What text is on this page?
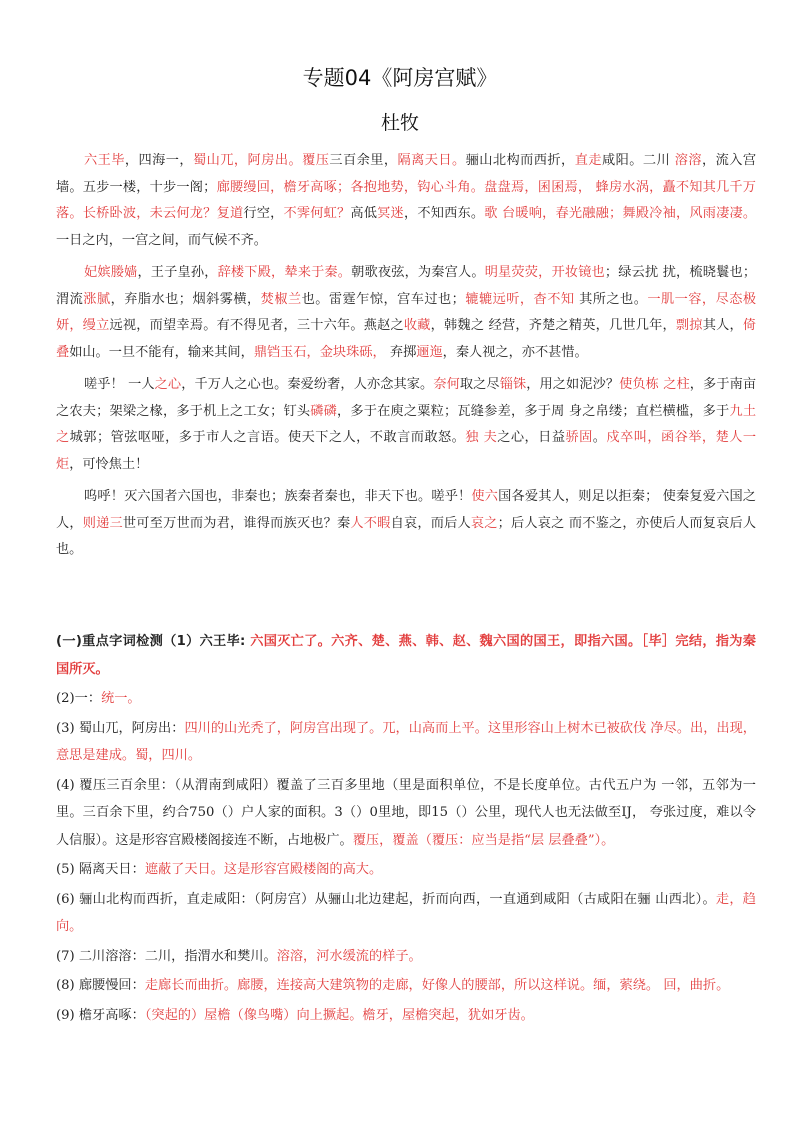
专题04《阿房宫赋》
杜牧

六王毕，四海一，蜀山兀，阿房出。覆压三百余里，隔离天日。骊山北构而西折，直走咸阳。二川 溶溶，流入宫墙。五步一楼，十步一阁；廊腰缦回，檐牙高啄；各抱地势，钩心斗角。盘盘焉，囷囷焉， 蜂房水涡，矗不知其几千万落。长桥卧波，未云何龙？复道行空，不霁何虹？高低冥迷，不知西东。歌 台暖响，春光融融；舞殿冷袖，风雨凄凄。一日之内，一宫之间，而气候不齐。

妃嫔媵嫱，王子皇孙，辞楼下殿，辇来于秦。朝歌夜弦，为秦宫人。明星荧荧，开妆镜也；绿云扰 扰，梳晓鬟也；渭流涨腻，弃脂水也；烟斜雾横，焚椒兰也。雷霆乍惊，宫车过也；辘辘远听，杳不知 其所之也。一肌一容，尽态极妍，缦立远视，而望幸焉。有不得见者，三十六年。燕赵之收藏，韩魏之 经营，齐楚之精英，几世几年，剽掠其人，倚叠如山。一旦不能有，输来其间，鼎铛玉石，金块珠砾， 弃掷逦迤，秦人视之，亦不甚惜。

嗟乎！ 一人之心，千万人之心也。秦爱纷奢，人亦念其家。奈何取之尽锱铢，用之如泥沙？使负栋 之柱，多于南亩之农夫；架梁之椽，多于机上之工女；钉头磷磷，多于在庾之粟粒；瓦缝参差，多于周 身之帛缕；直栏横槛，多于九土之城郭；管弦呕哑，多于市人之言语。使天下之人，不敢言而敢怒。独 夫之心，日益骄固。戍卒叫，函谷举，楚人一炬，可怜焦土！

呜呼！灭六国者六国也，非秦也；族秦者秦也，非天下也。嗟乎！使六国各爱其人，则足以拒秦； 使秦复爱六国之人，则递三世可至万世而为君，谁得而族灭也？秦人不暇自哀，而后人哀之；后人哀之 而不鉴之，亦使后人而复哀后人也。

(一)重点字词检测（1）六王毕: 六国灭亡了。六齐、楚、燕、韩、赵、魏六国的国王，即指六国。［毕］完结，指为秦 国所灭。

(2)一：统一。

(3) 蜀山兀，阿房出：四川的山光秃了，阿房宫出现了。兀，山高而上平。这里形容山上树木已被砍伐 净尽。出，出现，意思是建成。蜀，四川。

(4) 覆压三百余里：（从渭南到咸阳）覆盖了三百多里地（里是面积单位，不是长度单位。古代五户为 一邻，五邻为一里。三百余下里，约合750（）户人家的面积。3（）0里地，即15（）公里，现代人也无法做至IJ， 夸张过度，难以令人信服）。这是形容宫殿楼阁接连不断，占地极广。覆压，覆盖（覆压：应当是指“层 层叠叠”）。

(5) 隔离天日：遮蔽了天日。这是形容宫殿楼阁的高大。

(6) 骊山北构而西折，直走咸阳：（阿房宫）从骊山北边建起，折而向西，一直通到咸阳（古咸阳在骊 山西北）。走，趋向。

(7) 二川溶溶：二川，指渭水和樊川。溶溶，河水缓流的样子。

(8) 廊腰慢回：走廊长而曲折。廊腰，连接高大建筑物的走廊，好像人的腰部，所以这样说。缅，萦绕。 回，曲折。

(9) 檐牙高啄：（突起的）屋檐（像鸟嘴）向上撅起。檐牙，屋檐突起，犹如牙齿。
